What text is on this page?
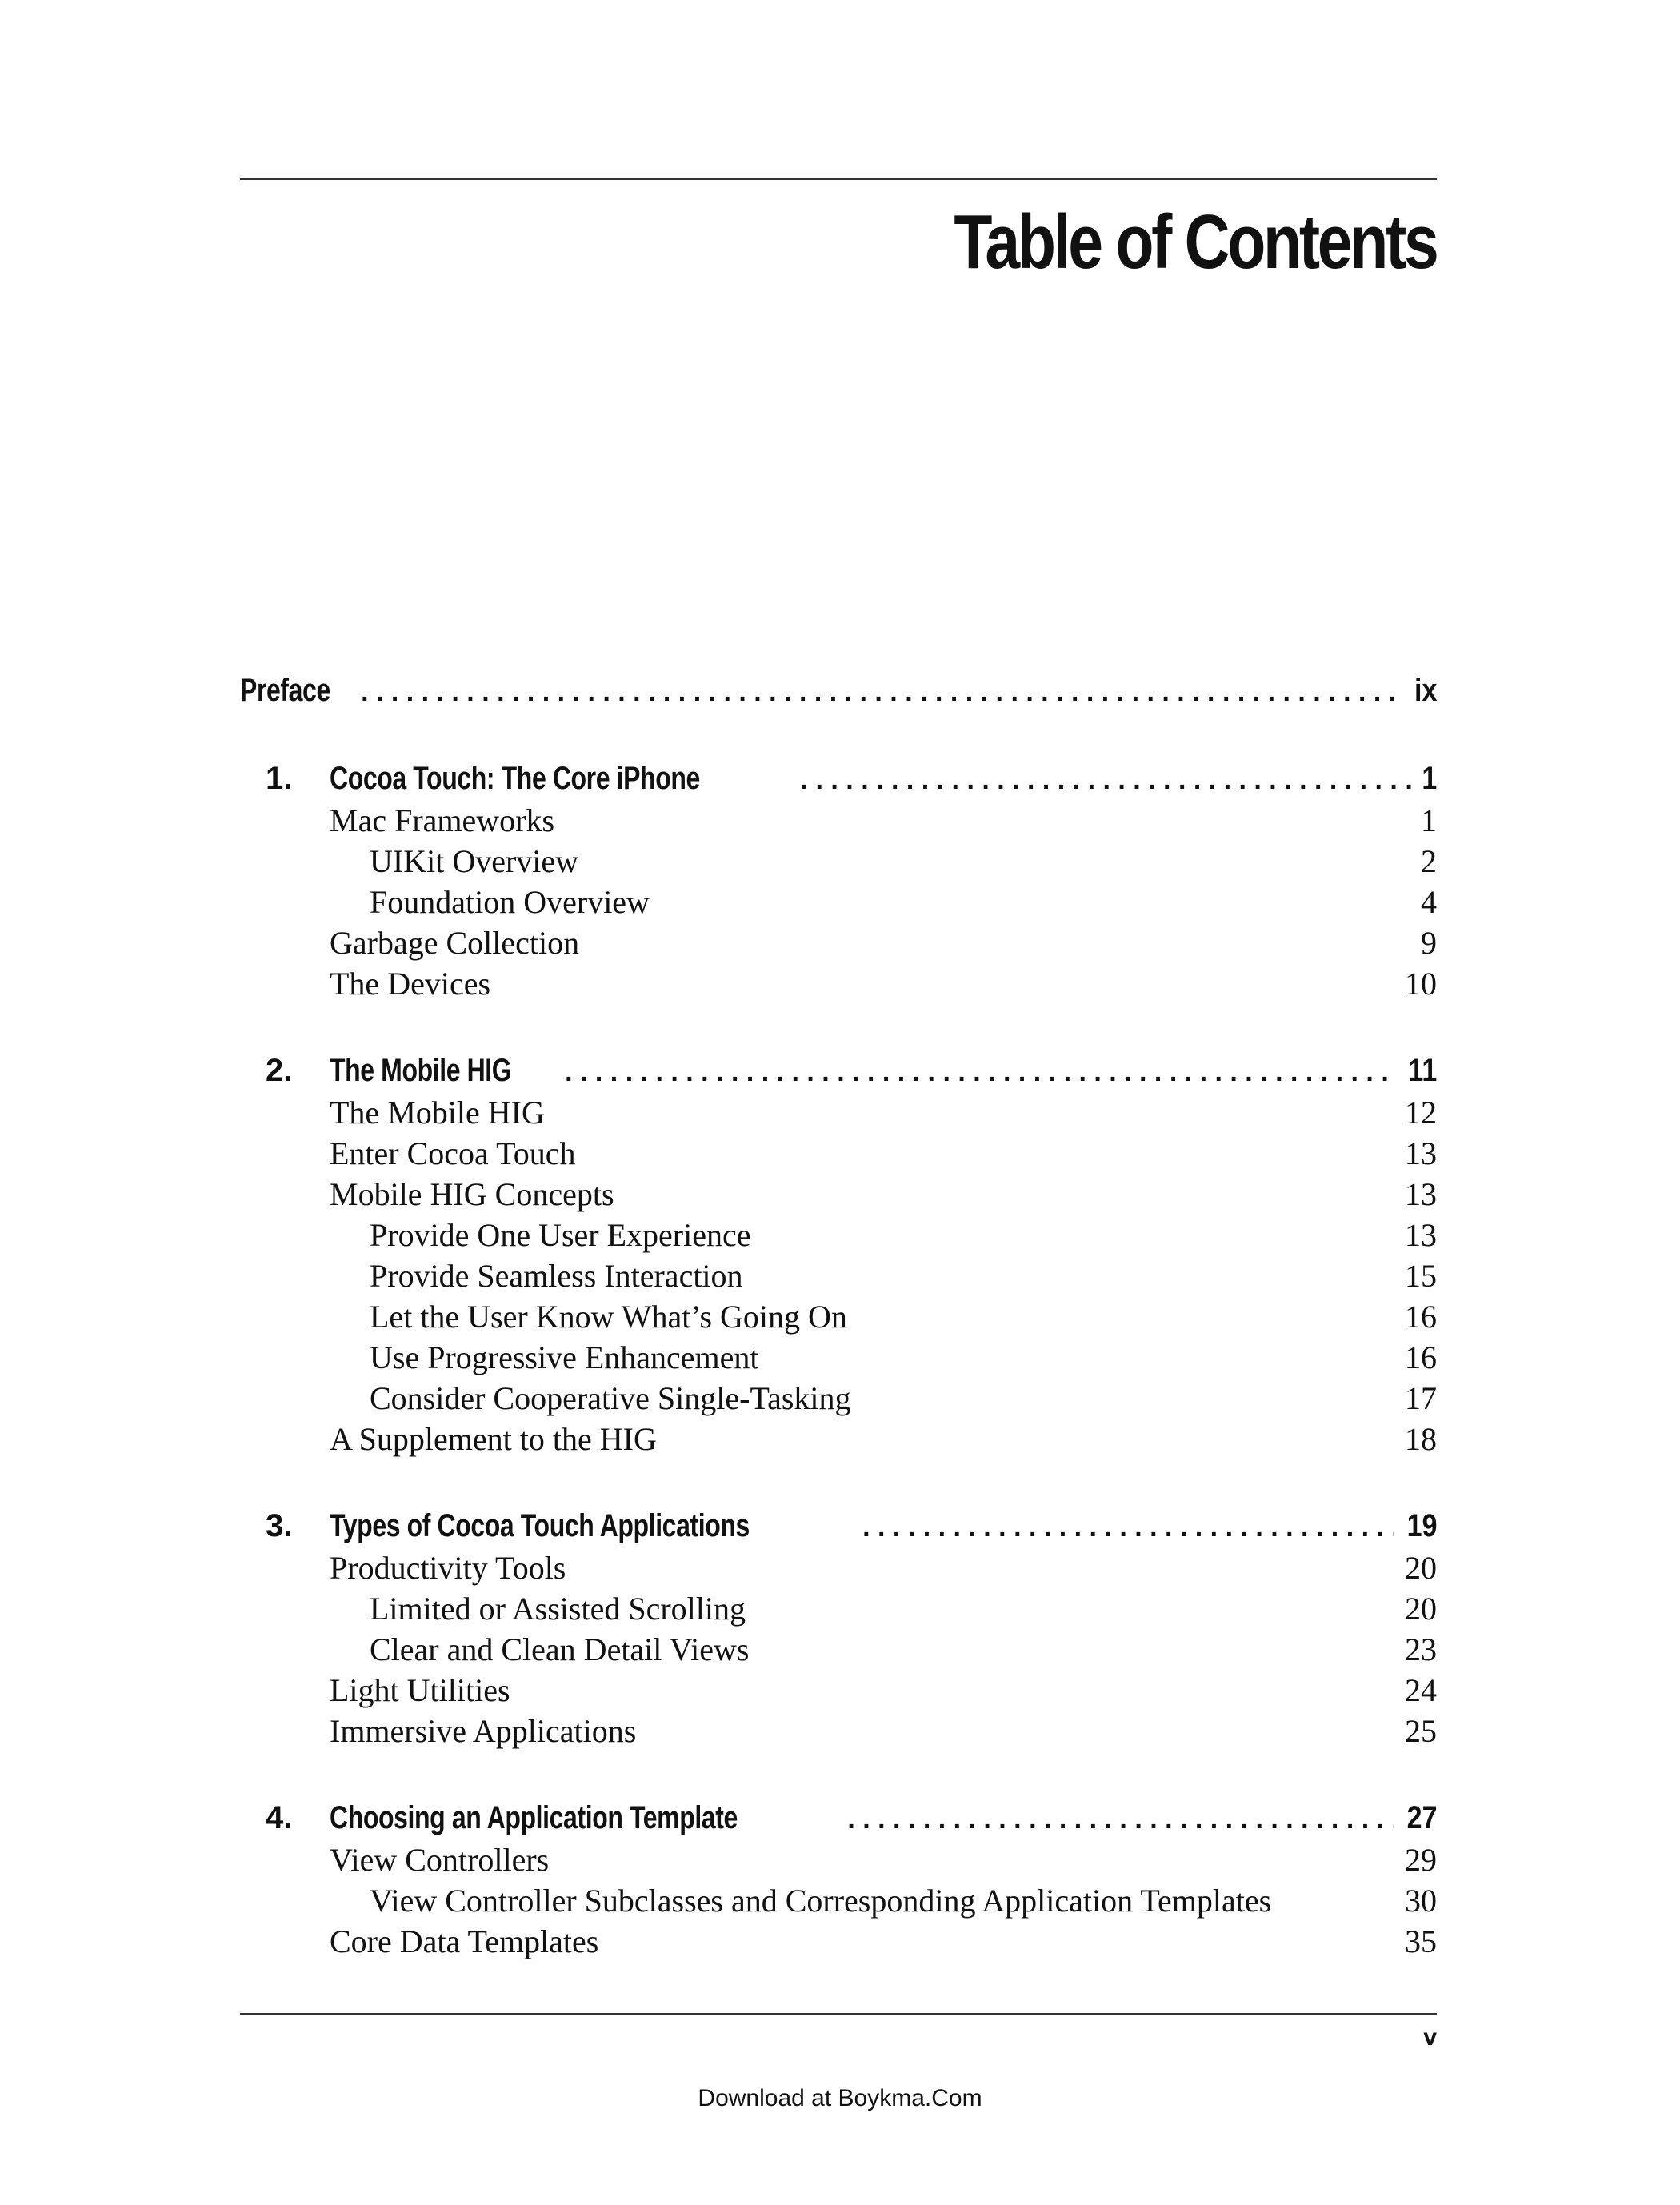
Table of Contents
Preface . . .	ix
1.	Cocoa Touch: The Core iPhone . . .	1
Mac Frameworks	1
UIKit Overview	2
Foundation Overview	4
Garbage Collection	9
The Devices	10
2.	The Mobile HIG . . .	11
The Mobile HIG	12
Enter Cocoa Touch	13
Mobile HIG Concepts	13
Provide One User Experience	13
Provide Seamless Interaction	15
Let the User Know What’s Going On	16
Use Progressive Enhancement	16
Consider Cooperative Single-Tasking	17
A Supplement to the HIG	18
3.	Types of Cocoa Touch Applications . . .	19
Productivity Tools	20
Limited or Assisted Scrolling	20
Clear and Clean Detail Views	23
Light Utilities	24
Immersive Applications	25
4.	Choosing an Application Template . . .	27
View Controllers	29
View Controller Subclasses and Corresponding Application Templates	30
Core Data Templates	35
v
Download at Boykma.Com
